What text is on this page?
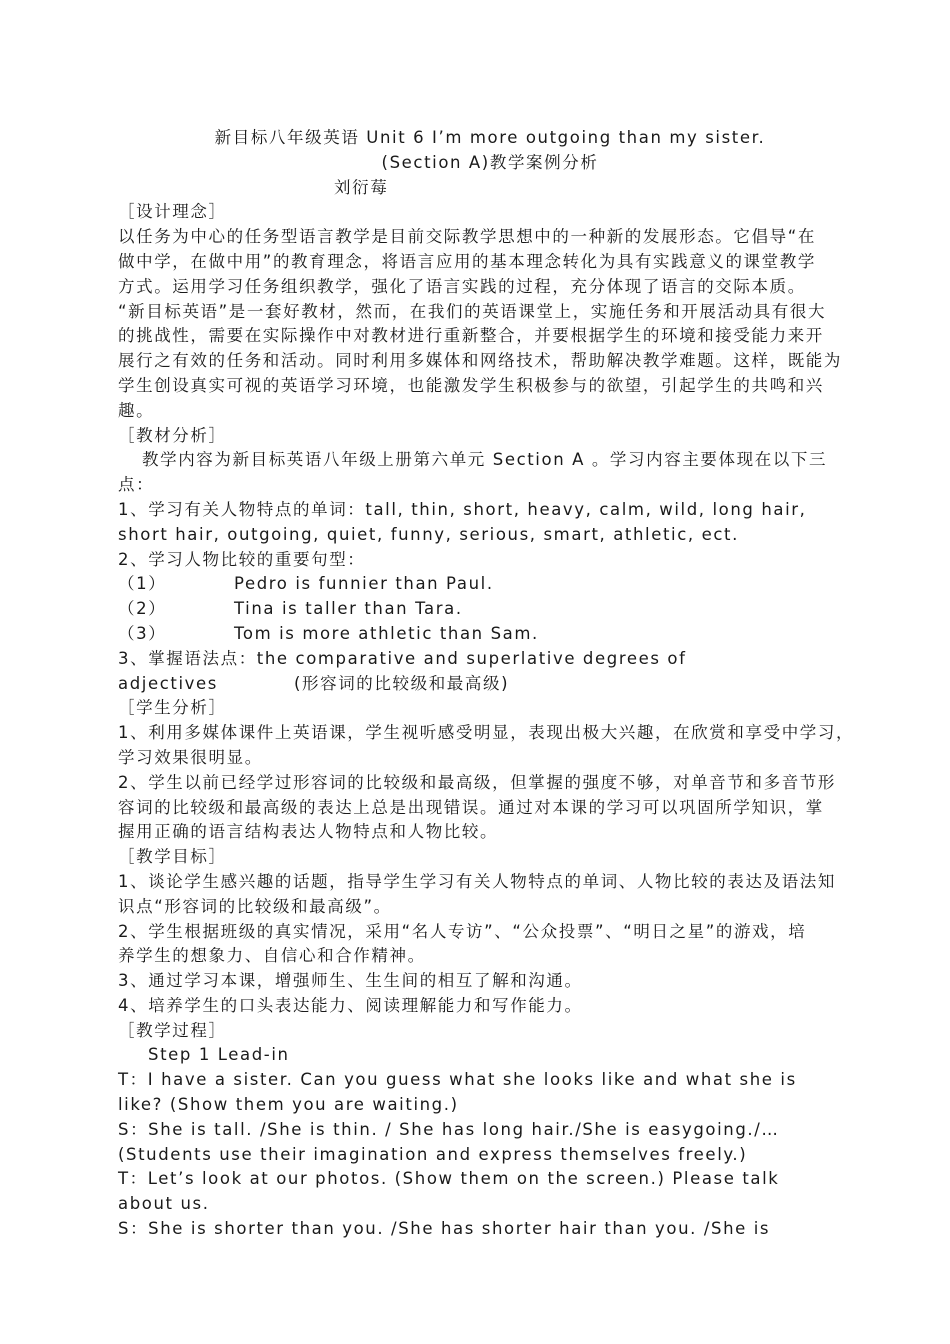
新目标八年级英语 Unit 6 I’m more outgoing than my sister.
(Section A)教学案例分析
刘衍莓
［设计理念］
以任务为中心的任务型语言教学是目前交际教学思想中的一种新的发展形态。它倡导“在
做中学，在做中用”的教育理念，将语言应用的基本理念转化为具有实践意义的课堂教学
方式。运用学习任务组织教学，强化了语言实践的过程，充分体现了语言的交际本质。
“新目标英语”是一套好教材，然而，在我们的英语课堂上，实施任务和开展活动具有很大
的挑战性，需要在实际操作中对教材进行重新整合，并要根据学生的环境和接受能力来开
展行之有效的任务和活动。同时利用多媒体和网络技术，帮助解决教学难题。这样，既能为
学生创设真实可视的英语学习环境，也能激发学生积极参与的欲望，引起学生的共鸣和兴
趣。
［教材分析］
教学内容为新目标英语八年级上册第六单元 Section A 。学习内容主要体现在以下三
点：
1、学习有关人物特点的单词：tall, thin, short, heavy, calm, wild, long hair,
short hair, outgoing, quiet, funny, serious, smart, athletic, ect.
2、学习人物比较的重要句型：
（1）	Pedro is funnier than Paul.
（2）	Tina is taller than Tara.
（3）	Tom is more athletic than Sam.
3、掌握语法点：the comparative and superlative degrees of
adjectives	(形容词的比较级和最高级)
［学生分析］
1、利用多媒体课件上英语课，学生视听感受明显，表现出极大兴趣，在欣赏和享受中学习，
学习效果很明显。
2、学生以前已经学过形容词的比较级和最高级，但掌握的强度不够，对单音节和多音节形
容词的比较级和最高级的表达上总是出现错误。通过对本课的学习可以巩固所学知识，掌
握用正确的语言结构表达人物特点和人物比较。
［教学目标］
1、谈论学生感兴趣的话题，指导学生学习有关人物特点的单词、人物比较的表达及语法知
识点“形容词的比较级和最高级”。
2、学生根据班级的真实情况，采用“名人专访”、“公众投票”、“明日之星”的游戏，培
养学生的想象力、自信心和合作精神。
3、通过学习本课，增强师生、生生间的相互了解和沟通。
4、培养学生的口头表达能力、阅读理解能力和写作能力。
［教学过程］
Step 1 Lead-in
T：I have a sister. Can you guess what she looks like and what she is
like? (Show them you are waiting.)
S：She is tall. /She is thin. / She has long hair./She is easygoing./…
(Students use their imagination and express themselves freely.)
T：Let’s look at our photos. (Show them on the screen.) Please talk
about us.
S：She is shorter than you. /She has shorter hair than you. /She is
